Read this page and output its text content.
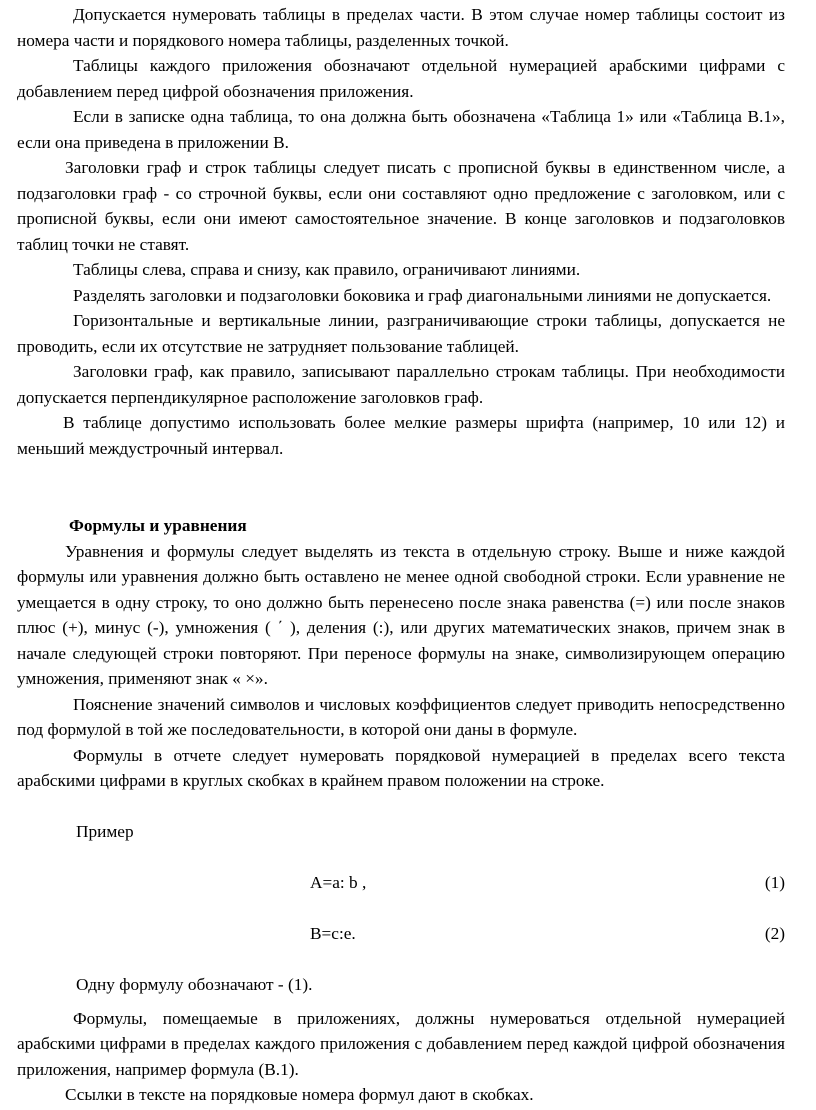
Допускается нумеровать таблицы в пределах части. В этом случае номер таблицы состоит из номера части и порядкового номера таблицы, разделенных точкой.

Таблицы каждого приложения обозначают отдельной нумерацией арабскими цифрами с добавлением перед цифрой обозначения приложения.

Если в записке одна таблица, то она должна быть обозначена «Таблица 1» или «Таблица В.1», если она приведена в приложении В.

Заголовки граф и строк таблицы следует писать с прописной буквы в единственном числе, а подзаголовки граф - со строчной буквы, если они составляют одно предложение с заголовком, или с прописной буквы, если они имеют самостоятельное значение. В конце заголовков и подзаголовков таблиц точки не ставят.

Таблицы слева, справа и снизу, как правило, ограничивают линиями.

Разделять заголовки и подзаголовки боковика и граф диагональными линиями не допускается.

Горизонтальные и вертикальные линии, разграничивающие строки таблицы, допускается не проводить, если их отсутствие не затрудняет пользование таблицей.

Заголовки граф, как правило, записывают параллельно строкам таблицы. При необходимости допускается перпендикулярное расположение заголовков граф.

В таблице допустимо использовать более мелкие размеры шрифта (например, 10 или 12) и меньший междустрочный интервал.

Формулы и уравнения

Уравнения и формулы следует выделять из текста в отдельную строку. Выше и ниже каждой формулы или уравнения должно быть оставлено не менее одной свободной строки. Если уравнение не умещается в одну строку, то оно должно быть перенесено после знака равенства (=) или после знаков плюс (+), минус (-), умножения ( ΄ ), деления (:), или других математических знаков, причем знак в начале следующей строки повторяют. При переносе формулы на знаке, символизирующем операцию умножения, применяют знак « ×».

Пояснение значений символов и числовых коэффициентов следует приводить непосредственно под формулой в той же последовательности, в которой они даны в формуле.

Формулы в отчете следует нумеровать порядковой нумерацией в пределах всего текста арабскими цифрами в круглых скобках в крайнем правом положении на строке.

Пример

A=a: b ,	(1)
B=c:e.	(2)

Одну формулу обозначают - (1).

Формулы, помещаемые в приложениях, должны нумероваться отдельной нумерацией арабскими цифрами в пределах каждого приложения с добавлением перед каждой цифрой обозначения приложения, например формула (В.1).

Ссылки в тексте на порядковые номера формул дают в скобках.
